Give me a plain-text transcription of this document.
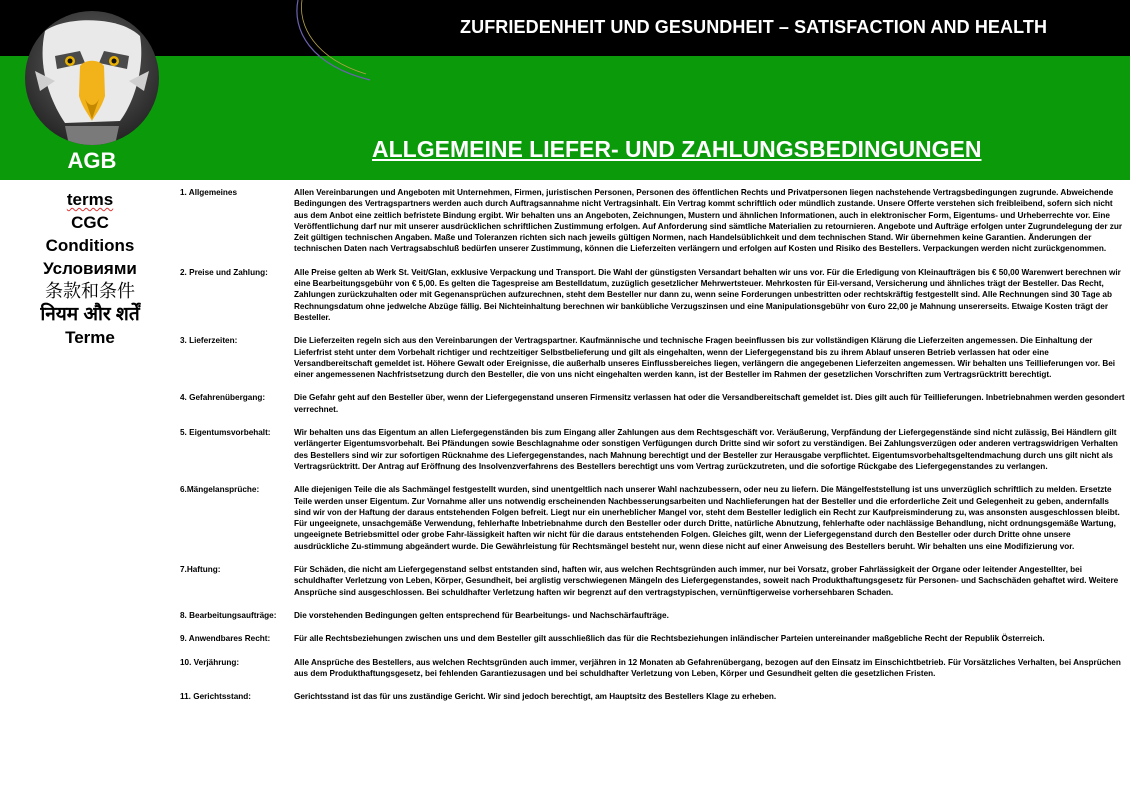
ZUFRIEDENHEIT UND GESUNDHEIT – SATISFACTION AND HEALTH
AGB	ALLGEMEINE LIEFER- UND ZAHLUNGSBEDINGUNGEN
terms
CGC
Conditions
Условиями
条款和条件
नियम और शर्तें
Terme
1. Allgemeines	Allen Vereinbarungen und Angeboten mit Unternehmen, Firmen, juristischen Personen, Personen des öffentlichen Rechts und Privatpersonen liegen nachstehende Vertragsbedingungen zugrunde. Abweichende Bedingungen des Vertragspartners werden auch durch Auftragsannahme nicht Vertragsinhalt. Ein Vertrag kommt schriftlich oder mündlich zustande. Unsere Offerte verstehen sich freibleibend, sofern sich nicht aus dem Anbot eine zeitlich befristete Bindung ergibt. Wir behalten uns an Angeboten, Zeichnungen, Mustern und ähnlichen Informationen, auch in elektronischer Form, Eigentums- und Urheberrechte vor. Eine Veröffentlichung darf nur mit unserer ausdrücklichen schriftlichen Zustimmung erfolgen. Auf Anforderung sind sämtliche Materialien zu retournieren. Angebote und Aufträge erfolgen unter Zugrundelegung der zur Zeit gültigen technischen Angaben. Maße und Toleranzen richten sich nach jeweils gültigen Normen, nach Handelsüblichkeit und dem technischen Stand. Wir übernehmen keine Garantien. Änderungen der technischen Daten nach Vertragsabschluß bedürfen unserer Zustimmung, können die Lieferzeiten verlängern und erfolgen auf Kosten und Risiko des Bestellers. Verpackungen werden nicht zurückgenommen.
2. Preise und Zahlung:	Alle Preise gelten ab Werk St. Veit/Glan, exklusive Verpackung und Transport. Die Wahl der günstigsten Versandart behalten wir uns vor. Für die Erledigung von Kleinaufträgen bis € 50,00 Warenwert berechnen wir eine Bearbeitungsgebühr von € 5,00. Es gelten die Tagespreise am Bestelldatum, zuzüglich gesetzlicher Mehrwertsteuer. Mehrkosten für Eil-versand, Versicherung und ähnliches trägt der Besteller. Das Recht, Zahlungen zurückzuhalten oder mit Gegenansprüchen aufzurechnen, steht dem Besteller nur dann zu, wenn seine Forderungen unbestritten oder rechtskräftig festgestellt sind. Alle Rechnungen sind 30 Tage ab Rechnungsdatum ohne jedwelche Abzüge fällig. Bei Nichteinhaltung berechnen wir bankübliche Verzugszinsen und eine Manipulationsgebühr von €uro 22,00 je Mahnung unsererseits. Etwaige Kosten trägt der Besteller.
3. Lieferzeiten:	Die Lieferzeiten regeln sich aus den Vereinbarungen der Vertragspartner. Kaufmännische und technische Fragen beeinflussen bis zur vollständigen Klärung die Lieferzeiten angemessen. Die Einhaltung der Lieferfrist steht unter dem Vorbehalt richtiger und rechtzeitiger Selbstbelieferung und gilt als eingehalten, wenn der Liefergegenstand bis zu ihrem Ablauf unseren Betrieb verlassen hat oder eine Versandbereitschaft gemeldet ist. Höhere Gewalt oder Ereignisse, die außerhalb unseres Einflussbereiches liegen, verlängern die angegebenen Lieferzeiten angemessen. Wir behalten uns Teillieferungen vor. Bei einer angemessenen Nachfristsetzung durch den Besteller, die von uns nicht eingehalten werden kann, ist der Besteller im Rahmen der gesetzlichen Vorschriften zum Vertragsrücktritt berechtigt.
4. Gefahrenübergang:	Die Gefahr geht auf den Besteller über, wenn der Liefergegenstand unseren Firmensitz verlassen hat oder die Versandbereitschaft gemeldet ist. Dies gilt auch für Teillieferungen. Inbetriebnahmen werden gesondert verrechnet.
5. Eigentumsvorbehalt:	Wir behalten uns das Eigentum an allen Liefergegenständen bis zum Eingang aller Zahlungen aus dem Rechtsgeschäft vor. Veräußerung, Verpfändung der Liefergegenstände sind nicht zulässig, Bei Händlern gilt verlängerter Eigentumsvorbehalt. Bei Pfändungen sowie Beschlagnahme oder sonstigen Verfügungen durch Dritte sind wir sofort zu verständigen. Bei Zahlungsverzügen oder anderen vertragswidrigen Verhalten des Bestellers sind wir zur sofortigen Rücknahme des Liefergegenstandes, nach Mahnung berechtigt und der Besteller zur Herausgabe verpflichtet. Eigentumsvorbehaltsgeltendmachung durch uns gilt nicht als Vertragsrücktritt. Der Antrag auf Eröffnung des Insolvenzverfahrens des Bestellers berechtigt uns vom Vertrag zurückzutreten, und die sofortige Rückgabe des Liefergegenstandes zu verlangen.
6.Mängelansprüche:	Alle diejenigen Teile die als Sachmängel festgestellt wurden, sind unentgeltlich nach unserer Wahl nachzubessern, oder neu zu liefern. Die Mängelfeststellung ist uns unverzüglich schriftlich zu melden. Ersetzte Teile werden unser Eigentum. Zur Vornahme aller uns notwendig erscheinenden Nachbesserungsarbeiten und Nachlieferungen hat der Besteller und die erforderliche Zeit und Gelegenheit zu geben, andernfalls sind wir von der Haftung der daraus entstehenden Folgen befreit. Liegt nur ein unerheblicher Mangel vor, steht dem Besteller lediglich ein Recht zur Kaufpreisminderung zu, was ansonsten ausgeschlossen bleibt. Für ungeeignete, unsachgemäße Verwendung, fehlerhafte Inbetriebnahme durch den Besteller oder durch Dritte, natürliche Abnutzung, fehlerhafte oder nachlässige Behandlung, nicht ordnungsgemäße Wartung, ungeeignete Betriebsmittel oder grobe Fahr-lässigkeit haften wir nicht für die daraus entstehenden Folgen. Gleiches gilt, wenn der Liefergegenstand durch den Besteller oder durch Dritte ohne unsere ausdrückliche Zu-stimmung abgeändert wurde. Die Gewährleistung für Rechtsmängel besteht nur, wenn diese nicht auf einer Anweisung des Bestellers beruht. Wir behalten uns eine Modifizierung vor.
7.Haftung:	Für Schäden, die nicht am Liefergegenstand selbst entstanden sind, haften wir, aus welchen Rechtsgründen auch immer, nur bei Vorsatz, grober Fahrlässigkeit der Organe oder leitender Angestellter, bei schuldhafter Verletzung von Leben, Körper, Gesundheit, bei arglistig verschwiegenen Mängeln des Liefergegenstandes, soweit nach Produkthaftungsgesetz für Personen- und Sachschäden gehaftet wird. Weitere Ansprüche sind ausgeschlossen. Bei schuldhafter Verletzung haften wir begrenzt auf den vertragstypischen, vernünftigerweise vorhersehbaren Schaden.
8. Bearbeitungsaufträge:	Die vorstehenden Bedingungen gelten entsprechend für Bearbeitungs- und Nachschärfaufträge.
9. Anwendbares Recht:	Für alle Rechtsbeziehungen zwischen uns und dem Besteller gilt ausschließlich das für die Rechtsbeziehungen inländischer Parteien untereinander maßgebliche Recht der Republik Österreich.
10. Verjährung:	Alle Ansprüche des Bestellers, aus welchen Rechtsgründen auch immer, verjähren in 12 Monaten ab Gefahrenübergang, bezogen auf den Einsatz im Einschichtbetrieb. Für Vorsätzliches Verhalten, bei Ansprüchen aus dem Produkthaftungsgesetz, bei fehlenden Garantiezusagen und bei schuldhafter Verletzung von Leben, Körper und Gesundheit gelten die gesetzlichen Fristen.
11. Gerichtsstand:	Gerichtsstand ist das für uns zuständige Gericht. Wir sind jedoch berechtigt, am Hauptsitz des Bestellers Klage zu erheben.
